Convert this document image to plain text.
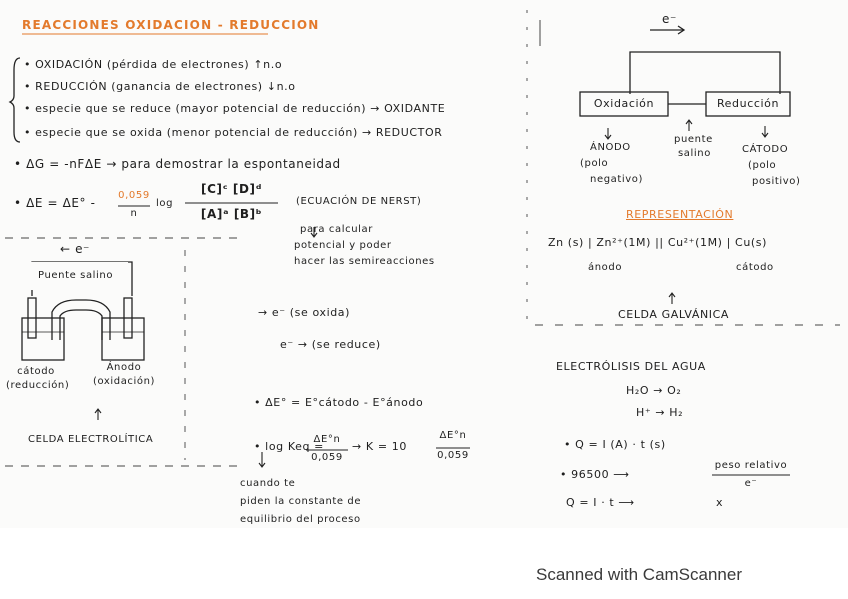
REACCIONES OXIDACION - REDUCCION
• OXIDACIÓN (pérdida de electrones) ↑n.o
• REDUCCIÓN (ganancia de electrones) ↓n.o
• especie que se reduce (mayor potencial de reducción) → OXIDANTE
• especie que se oxida (menor potencial de reducción) → REDUCTOR
• ΔG = -nFΔE → para demostrar la espontaneidad
• ΔE = ΔE° -
0,059
n
log
[C]ᶜ [D]ᵈ
[A]ᵃ [B]ᵇ
(ECUACIÓN DE NERST)
para calcular
potencial y poder
hacer las semireacciones
← e⁻
Puente salino
cátodo
(reducción)
Ánodo
(oxidación)
CELDA ELECTROLÍTICA
→ e⁻ (se oxida)
e⁻ → (se reduce)
• ΔE° = E°cátodo - E°ánodo
• log Keq =
ΔE°n
0,059
→ K = 10
ΔE°n
0,059
cuando te
piden la constante de
equilibrio del proceso
e⁻
Oxidación	Reducción
ÁNODO
(polo
negativo)
puente
salino	CÁTODO
(polo
positivo)
REPRESENTACIÓN
Zn (s) | Zn²⁺(1M) || Cu²⁺(1M) | Cu(s)
ánodo	cátodo
CELDA GALVÁNICA
ELECTRÓLISIS DEL AGUA
H₂O → O₂
H⁺ → H₂
• Q = I (A) · t (s)
• 96500 ⟶
peso relativo
e⁻
Q = I · t ⟶	x
Scanned with CamScanner
